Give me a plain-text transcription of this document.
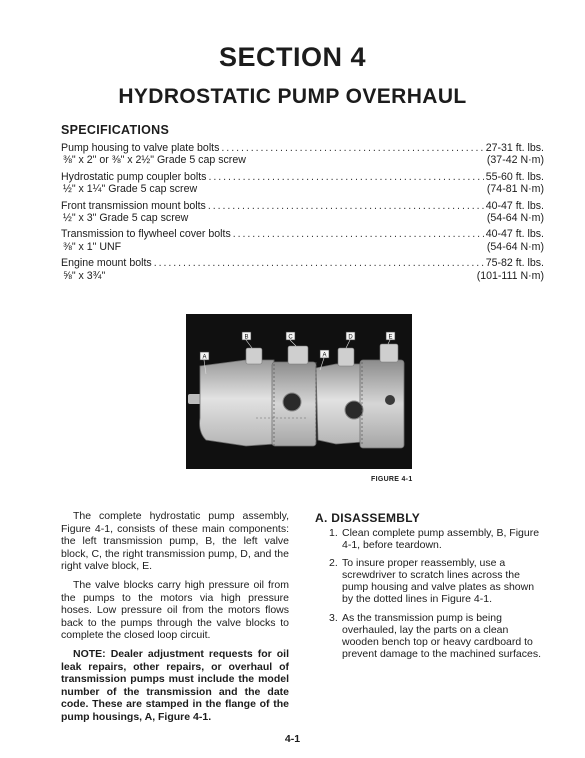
SECTION 4
HYDROSTATIC PUMP OVERHAUL
SPECIFICATIONS
Pump housing to valve plate bolts . . .	27-31 ft. lbs.
⅜" x 2" or ⅜" x 2½" Grade 5 cap screw	(37-42 N·m)
Hydrostatic pump coupler bolts . . .	55-60 ft. lbs.
½" x 1¼" Grade 5 cap screw	(74-81 N·m)
Front transmission mount bolts . . .	40-47 ft. lbs.
½" x 3" Grade 5 cap screw	(54-64 N·m)
Transmission to flywheel cover bolts . . .	40-47 ft. lbs.
⅜" x 1" UNF	(54-64 N·m)
Engine mount bolts . . .	75-82 ft. lbs.
⅝" x 3¾"	(101-111 N·m)
A
B	C
A
D	E
FIGURE 4-1

The complete hydrostatic pump assembly, Figure 4-1, consists of these main components: the left transmission pump, B, the left valve block, C, the right transmission pump, D, and the right valve block, E.

The valve blocks carry high pressure oil from the pumps to the motors via high pressure hoses. Low pressure oil from the motors flows back to the pumps through the valve blocks to complete the closed loop circuit.

NOTE: Dealer adjustment requests for oil leak repairs, other repairs, or overhaul of transmission pumps must include the model number of the transmission and the date code. These are stamped in the flange of the pump housings, A, Figure 4-1.

A. DISASSEMBLY
1. Clean complete pump assembly, B, Figure 4-1, before teardown.
2. To insure proper reassembly, use a screwdriver to scratch lines across the pump housing and valve plates as shown by the dotted lines in Figure 4-1.
3. As the transmission pump is being overhauled, lay the parts on a clean wooden bench top or heavy cardboard to prevent damage to the machined surfaces.
4-1
